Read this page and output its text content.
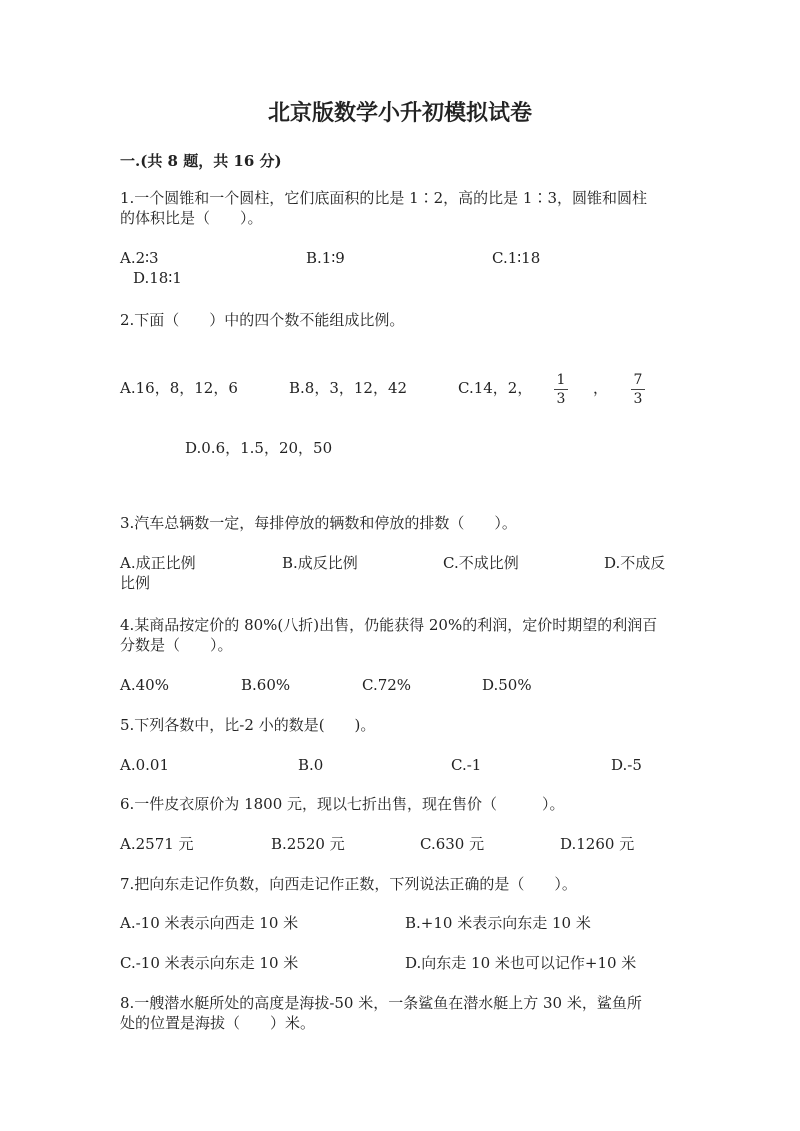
北京版数学小升初模拟试卷
一.(共 8 题，共 16 分)
1.一个圆锥和一个圆柱，它们底面积的比是 1∶2，高的比是 1∶3，圆锥和圆柱
的体积比是（　　）。
A.2∶3	B.1∶9	C.1∶18
D.18∶1
2.下面（　　）中的四个数不能组成比例。
A.16，8，12，6	B.8，3，12，42	C.14，2，	1
3
，	7
3
D.0.6，1.5，20，50
3.汽车总辆数一定，每排停放的辆数和停放的排数（　　）。
A.成正比例	B.成反比例	C.不成比例	D.不成反
比例
4.某商品按定价的 80%(八折)出售，仍能获得 20%的利润，定价时期望的利润百
分数是（　　）。
A.40%	B.60%	C.72%	D.50%
5.下列各数中，比-2 小的数是(　　)。
A.0.01	B.0	C.-1	D.-5
6.一件皮衣原价为 1800 元，现以七折出售，现在售价（　　　）。
A.2571 元	B.2520 元	C.630 元	D.1260 元
7.把向东走记作负数，向西走记作正数，下列说法正确的是（　　）。
A.-10 米表示向西走 10 米	B.+10 米表示向东走 10 米
C.-10 米表示向东走 10 米	D.向东走 10 米也可以记作+10 米
8.一艘潜水艇所处的高度是海拔-50 米，一条鲨鱼在潜水艇上方 30 米，鲨鱼所
处的位置是海拔（　　）米。
